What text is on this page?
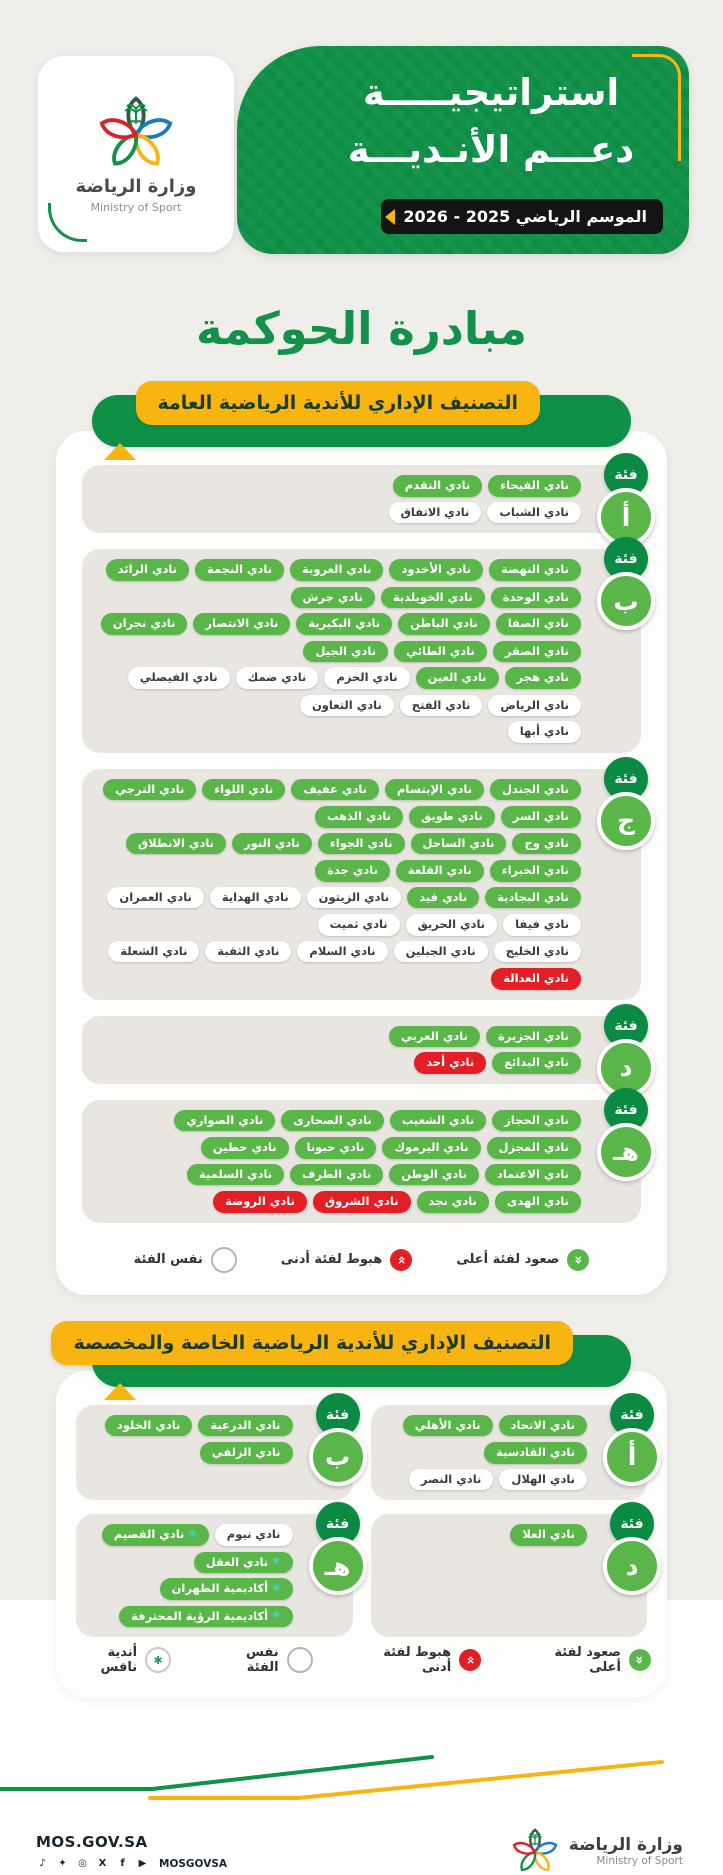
وزارة الرياضة
Ministry of Sport
استراتيجيـــــة
دعـــم الأنـديـــة
الموسم الرياضي 2025 - 2026
مبادرة الحوكمة
التصنيف الإداري للأندية الرياضية العامة
نادي الفيحاء
نادي التقدم
نادي الشباب
نادي الاتفاق
فئة
أ
نادي النهضة
نادي الأخدود
نادي العروبة
نادي النجمة
نادي الرائد
نادي الوحدة
نادي الخويلدية
نادي جرش
نادي الصفا
نادي الباطن
نادي البكيرية
نادي الانتصار
نادي نجران
نادي الصقر
نادي الطائي
نادي الجيل
نادي هجر
نادي العين
نادي الحزم
نادي ضمك
نادي الفيصلي
نادي الرياض
نادي الفتح
نادي التعاون
نادي أبها
فئة
ب
نادي الجندل
نادي الإبتسام
نادي عفيف
نادي اللواء
نادي الترجي
نادي السر
نادي طويق
نادي الذهب
نادي وج
نادي الساحل
نادي الجواء
نادي النور
نادي الانطلاق
نادي الخبراء
نادي القلعة
نادي جدة
نادي البجادية
نادي فيد
نادي الزيتون
نادي الهداية
نادي العمران
نادي فيفا
نادي الحريق
نادي ثميت
نادي الخليج
نادي الجبلين
نادي السلام
نادي الثقبة
نادي الشعلة
نادي العدالة
فئة
ج
نادي الجزيرة
نادي العربي
نادي البدائع
نادي أحد
فئة
د
نادي الحجاز
نادي الشعيب
نادي الصحارى
نادي الصواري
نادي المجزل
نادي اليرموك
نادي حبونا
نادي حطين
نادي الاعتماد
نادي الوطن
نادي الطرف
نادي السلمية
نادي الهدى
نادي نجد
نادي الشروق
نادي الروضة
فئة
هـ
»
صعود لفئة أعلى
»
هبوط لفئة أدنى
نفس الفئة
التصنيف الإداري للأندية الرياضية الخاصة والمخصصة
نادي الاتحاد
نادي الأهلي
نادي القادسية
نادي الهلال
نادي النصر
فئة
أ
نادي الدرعية
نادي الخلود
نادي الزلفي
فئة
ب
نادي العلا
فئة
د
نادي نيوم
✱
نادي القصيم
✱
نادي العقل
✱
أكاديمية الظهران
✱
أكاديمية الرؤية المحترفة
فئة
هـ
»
صعود لفئة أعلى
»
هبوط لفئة أدنى
نفس الفئة
✱
أندية نافس
MOS.GOV.SA
♪	✦ ◎ X	f	▶ MOSGOVSA
وزارة الرياضة
Ministry of Sport
